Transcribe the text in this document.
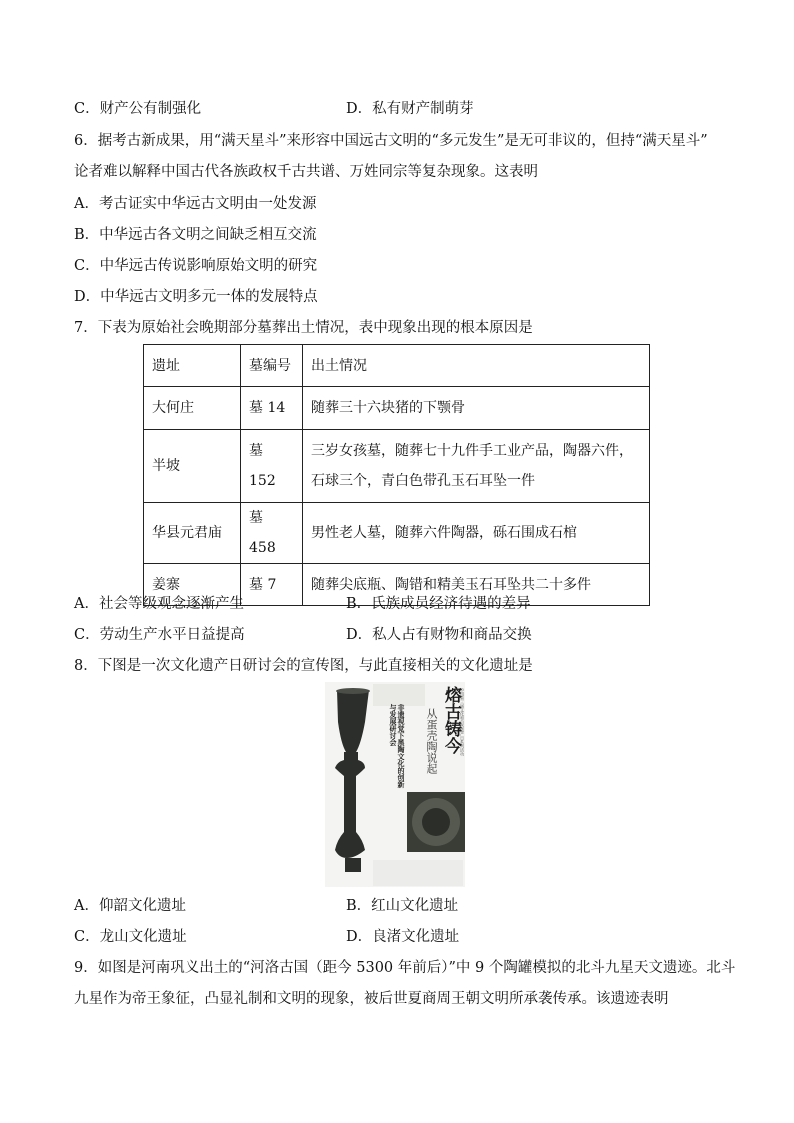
C．财产公有制强化	D．私有财产制萌芽
6．据考古新成果，用“满天星斗”来形容中国远古文明的“多元发生”是无可非议的，但持“满天星斗”
论者难以解释中国古代各族政权千古共谱、万姓同宗等复杂现象。这表明
A．考古证实中华远古文明由一处发源
B．中华远古各文明之间缺乏相互交流
C．中华远古传说影响原始文明的研究
D．中华远古文明多元一体的发展特点
7．下表为原始社会晚期部分墓葬出土情况，表中现象出现的根本原因是
遗址	墓编号	出土情况
大何庄	墓 14	随葬三十六块猪的下颚骨
半坡	墓 152	三岁女孩墓，随葬七十九件手工业产品，陶器六件，石球三个，青白色带孔玉石耳坠一件
华县元君庙	墓 458	男性老人墓，随葬六件陶器，砾石围成石棺
姜寨	墓 7	随葬尖底瓶、陶错和精美玉石耳坠共二十多件
A．社会等级观念逐渐产生	B．氏族成员经济待遇的差异
C．劳动生产水平日益提高	D．私人占有财物和商品交换
8．下图是一次文化遗产日研讨会的宣传图，与此直接相关的文化遗址是
熔古铸今
从蛋壳陶说起	中国第三届文化和自然遗产日系列活动
非遗视觉下黑陶文化的创新与发展研讨会
A．仰韶文化遗址	B．红山文化遗址
C．龙山文化遗址	D．良渚文化遗址
9．如图是河南巩义出土的“河洛古国（距今 5300 年前后）”中 9 个陶罐模拟的北斗九星天文遗迹。北斗
九星作为帝王象征，凸显礼制和文明的现象，被后世夏商周王朝文明所承袭传承。该遗迹表明
